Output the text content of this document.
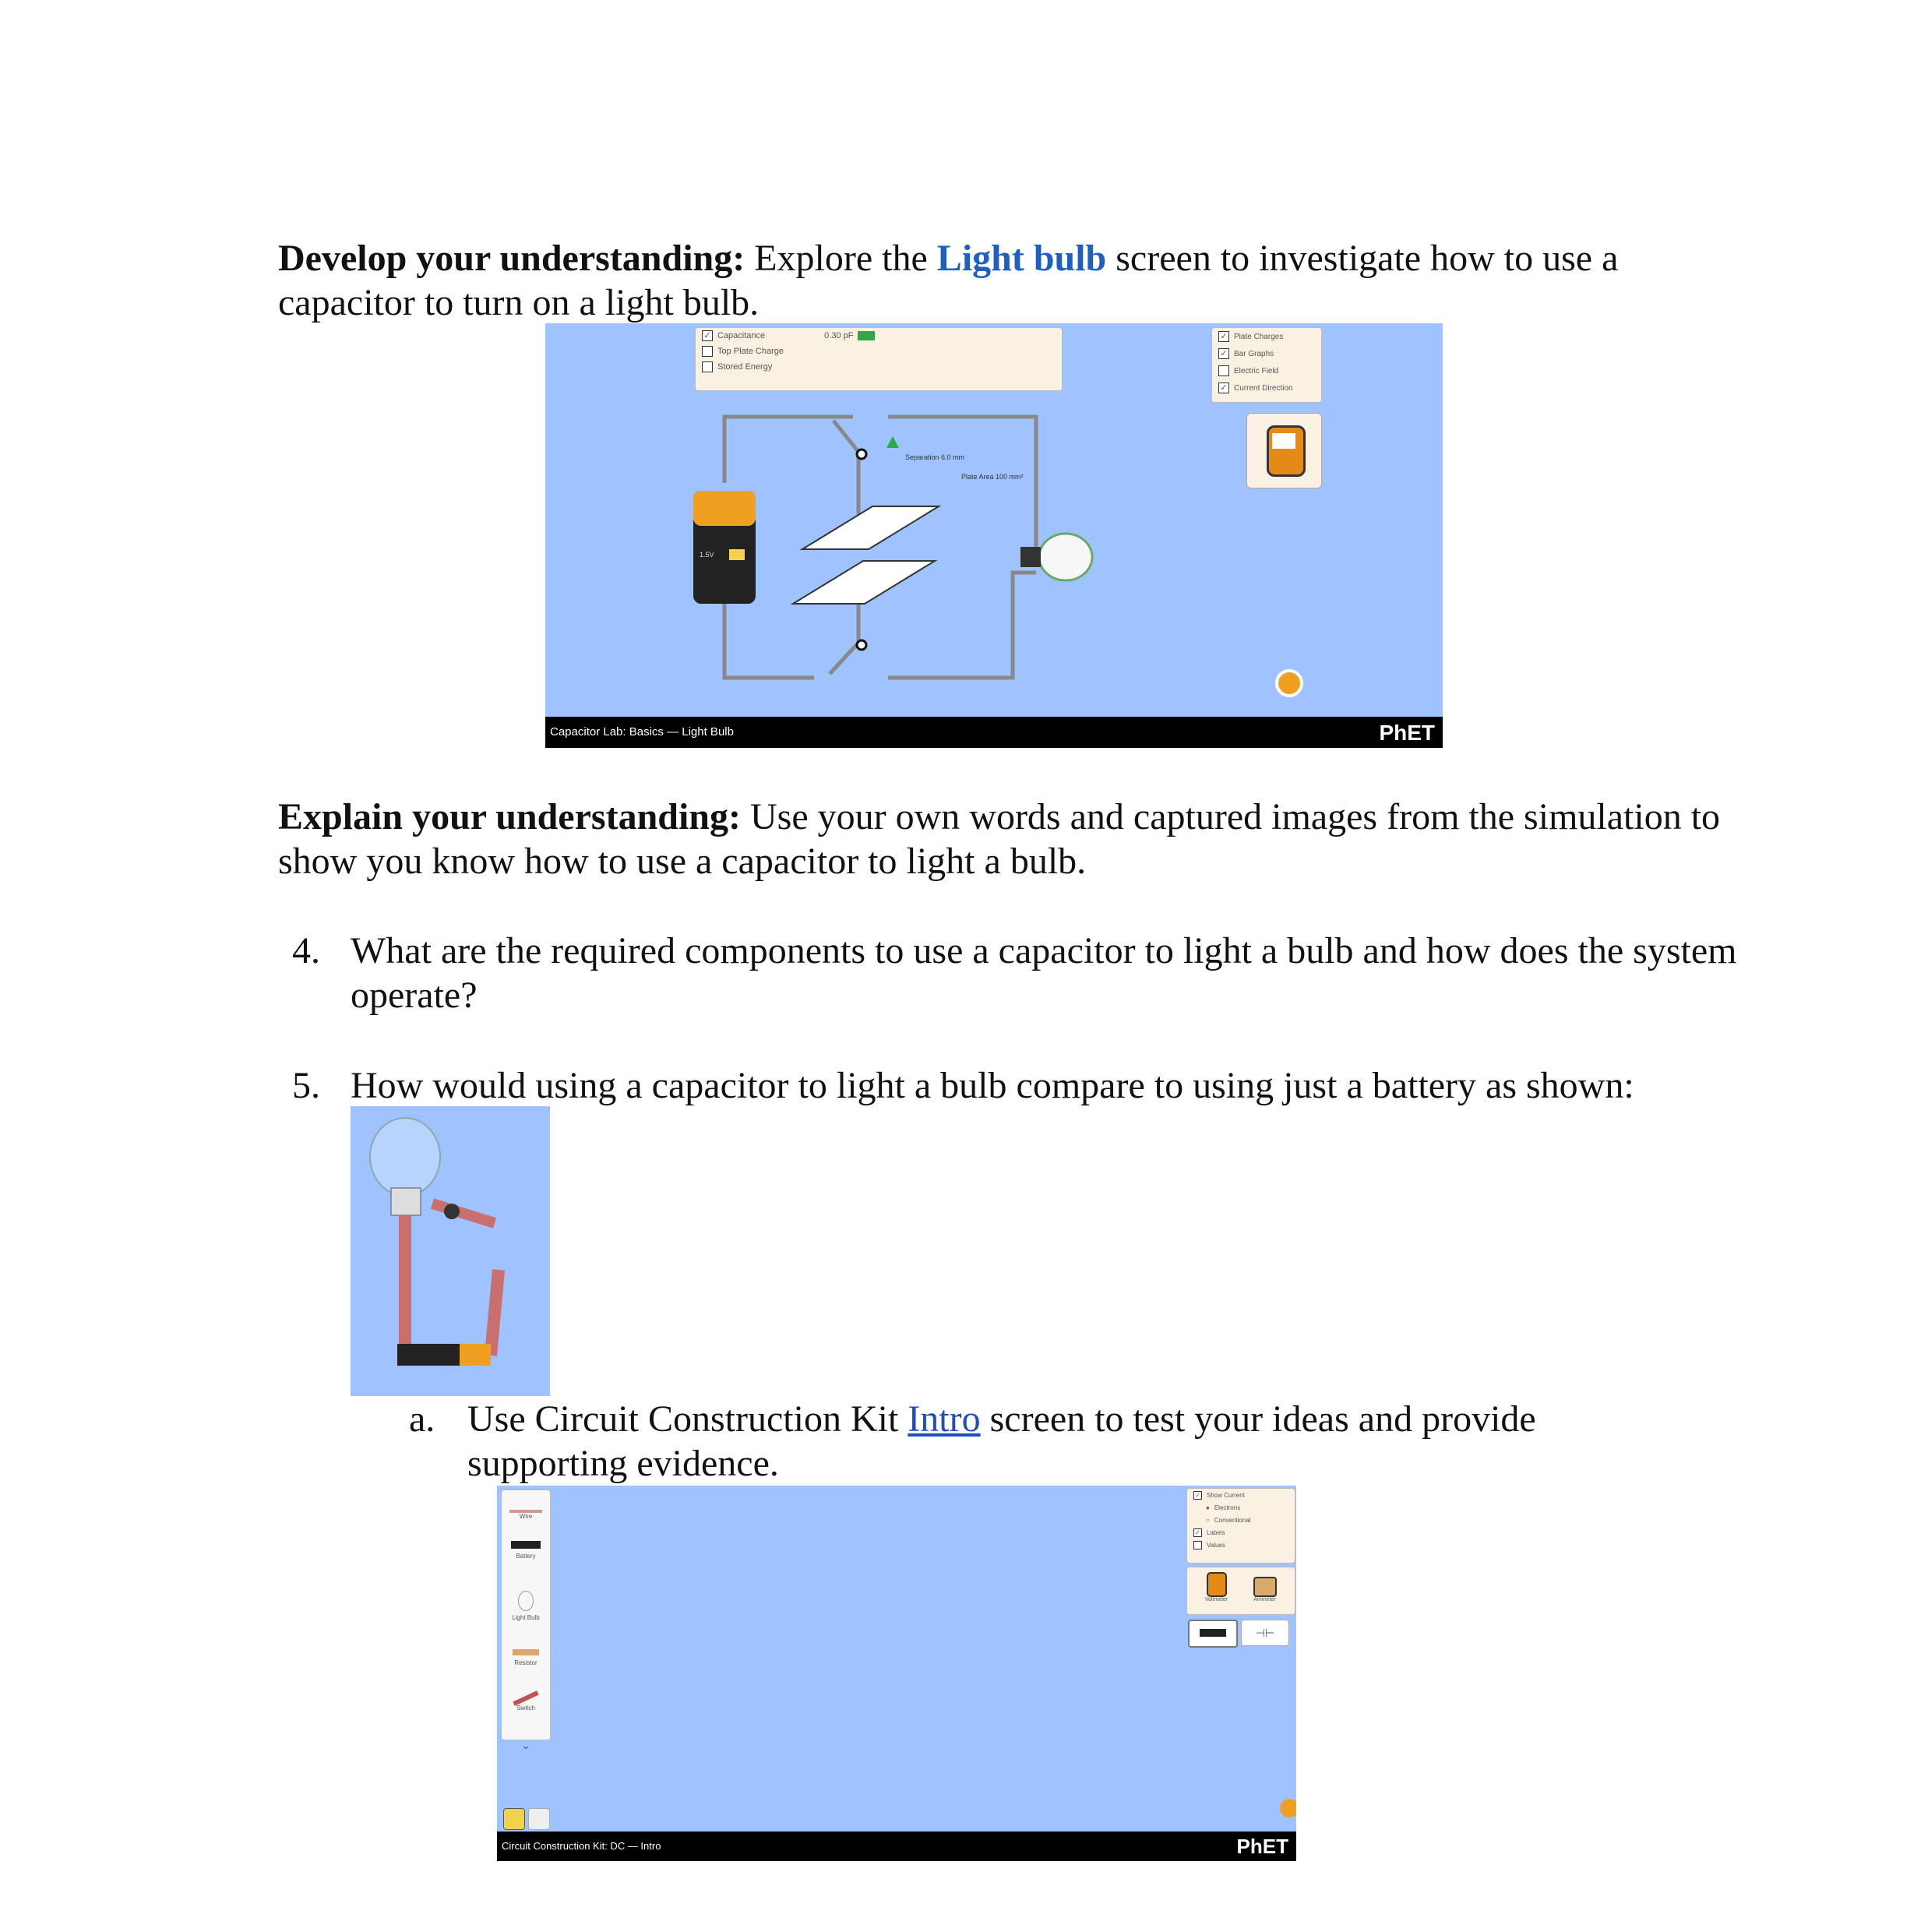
Develop your understanding: Explore the Light bulb screen to investigate how to use a capacitor to turn on a light bulb.
✓ Capacitance	0.30 pF
Top Plate Charge
Stored Energy
✓ Plate Charges
✓ Bar Graphs
Electric Field
✓ Current Direction
Separation 6.0 mm
Plate Area 100 mm²
1.5V
Capacitor Lab: Basics — Light Bulb	PhET
Explain your understanding: Use your own words and captured images from the simulation to show you know how to use a capacitor to light a bulb.
4. What are the required components to use a capacitor to light a bulb and how does the system operate?
5. How would using a capacitor to light a bulb compare to using just a battery as shown:
a. Use Circuit Construction Kit Intro screen to test your ideas and provide supporting evidence.
Wire
Battery
Light Bulb
Resistor
Switch
⌄
✓ Show Current
● Electrons
○ Conventional
✓ Labels
Values
Voltmeter	Ammeter
⊣⊢
Circuit Construction Kit: DC — Intro	PhET
